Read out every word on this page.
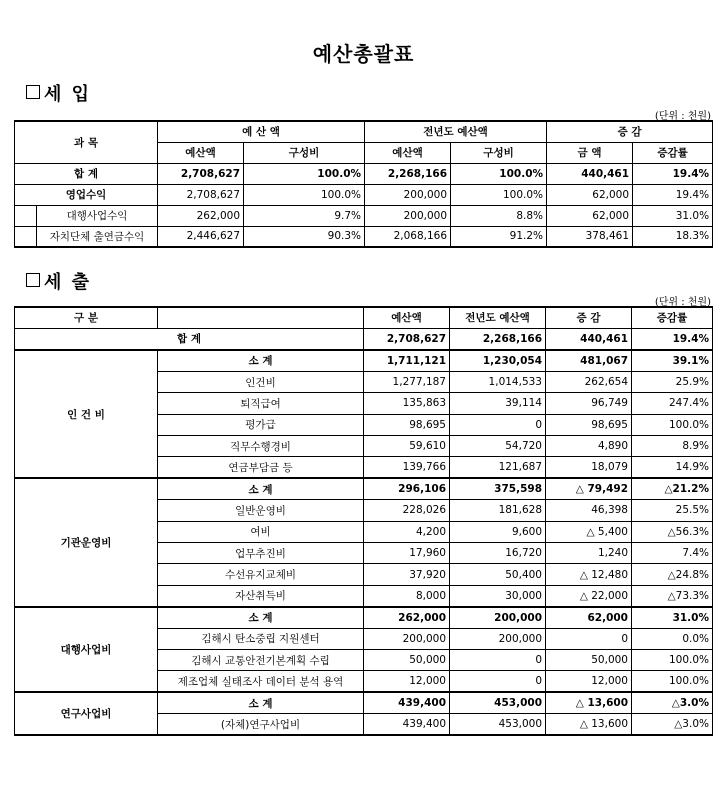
예산총괄표
세 입
(단위 : 천원)
과 목		예 산 액		전년도 예산액		증 감	
		예산액	구성비	예산액	구성비	금 액	증감률
합 계		2,708,627	100.0%	2,268,166	100.0%	440,461	19.4%
영업수익		2,708,627	100.0%	200,000	100.0%	62,000	19.4%
	대행사업수익	262,000	9.7%	200,000	8.8%	62,000	31.0%
	자치단체 출연금수익	2,446,627	90.3%	2,068,166	91.2%	378,461	18.3%
세 출
(단위 : 천원)
구 분		예산액	전년도 예산액	증 감	증감률
합 계		2,708,627	2,268,166	440,461	19.4%
인 건 비	소 계	1,711,121	1,230,054	481,067	39.1%
	인건비	1,277,187	1,014,533	262,654	25.9%
	퇴직급여	135,863	39,114	96,749	247.4%
	평가급	98,695	0	98,695	100.0%
	직무수행경비	59,610	54,720	4,890	8.9%
	연금부담금 등	139,766	121,687	18,079	14.9%
기관운영비	소 계	296,106	375,598	△ 79,492	△21.2%
	일반운영비	228,026	181,628	46,398	25.5%
	여비	4,200	9,600	△ 5,400	△56.3%
	업무추진비	17,960	16,720	1,240	7.4%
	수선유지교체비	37,920	50,400	△ 12,480	△24.8%
	자산취득비	8,000	30,000	△ 22,000	△73.3%
대행사업비	소 계	262,000	200,000	62,000	31.0%
	김해시 탄소중립 지원센터	200,000	200,000	0	0.0%
	김해시 교통안전기본계획 수립	50,000	0	50,000	100.0%
	제조업체 실태조사 데이터 분석 용역	12,000	0	12,000	100.0%
연구사업비	소 계	439,400	453,000	△ 13,600	△3.0%
	(자체)연구사업비	439,400	453,000	△ 13,600	△3.0%
